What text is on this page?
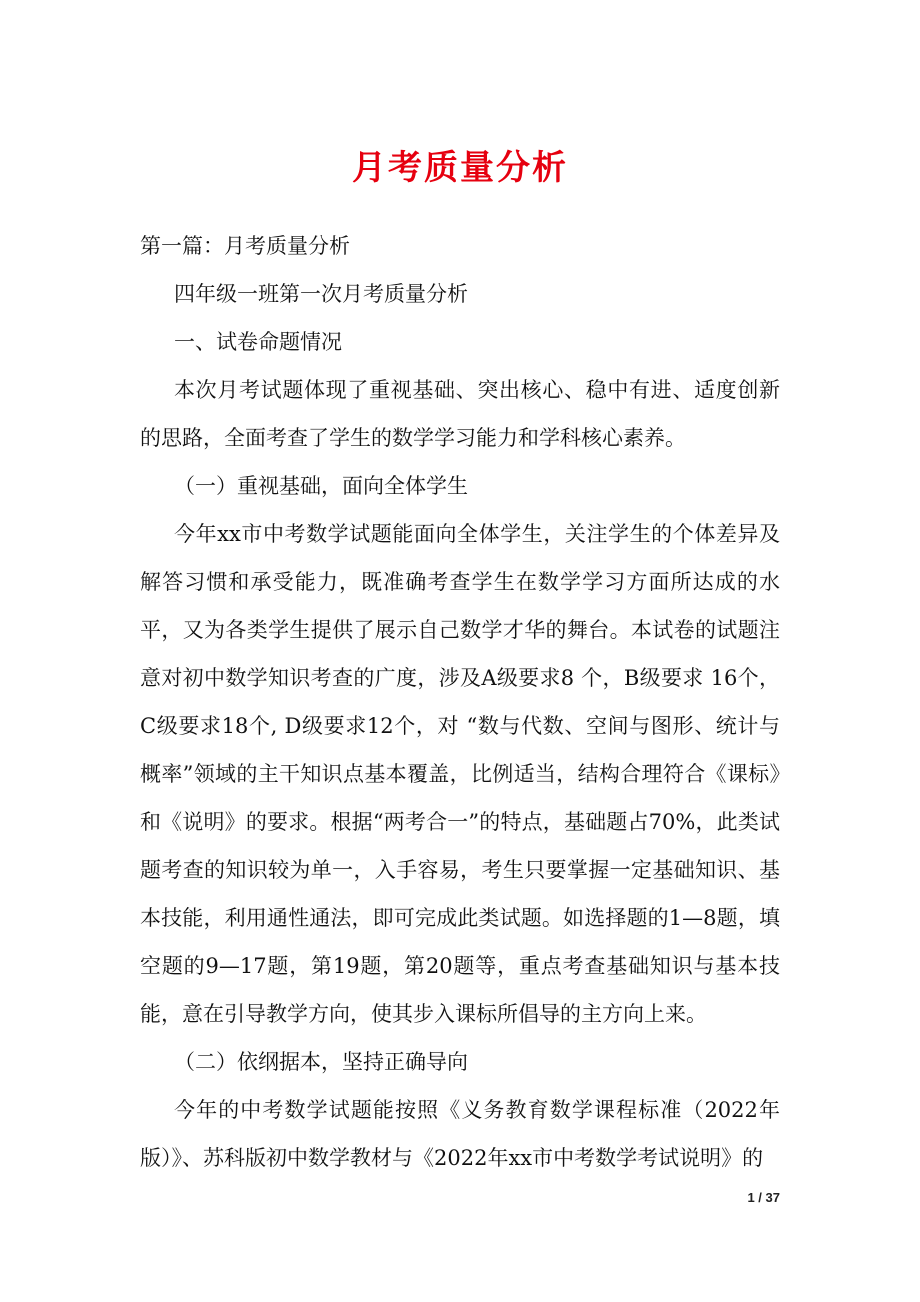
月考质量分析

第一篇：月考质量分析

四年级一班第一次月考质量分析

一、试卷命题情况

本次月考试题体现了重视基础、突出核心、稳中有进、适度创新的思路，全面考查了学生的数学学习能力和学科核心素养。

（一）重视基础，面向全体学生

今年xx市中考数学试题能面向全体学生，关注学生的个体差异及解答习惯和承受能力，既准确考查学生在数学学习方面所达成的水平，又为各类学生提供了展示自己数学才华的舞台。本试卷的试题注意对初中数学知识考查的广度，涉及A级要求8 个，B级要求 16个， C级要求18个, D级要求12个，对 “数与代数、空间与图形、统计与概率”领域的主干知识点基本覆盖，比例适当，结构合理符合《课标》和《说明》的要求。根据“两考合一”的特点，基础题占70%，此类试题考查的知识较为单一，入手容易，考生只要掌握一定基础知识、基本技能，利用通性通法，即可完成此类试题。如选择题的1—8题，填空题的9—17题，第19题，第20题等，重点考查基础知识与基本技能，意在引导教学方向，使其步入课标所倡导的主方向上来。

（二）依纲据本，坚持正确导向

今年的中考数学试题能按照《义务教育数学课程标准（2022年版）》、苏科版初中数学教材与《2022年xx市中考数学考试说明》的

1 / 37
